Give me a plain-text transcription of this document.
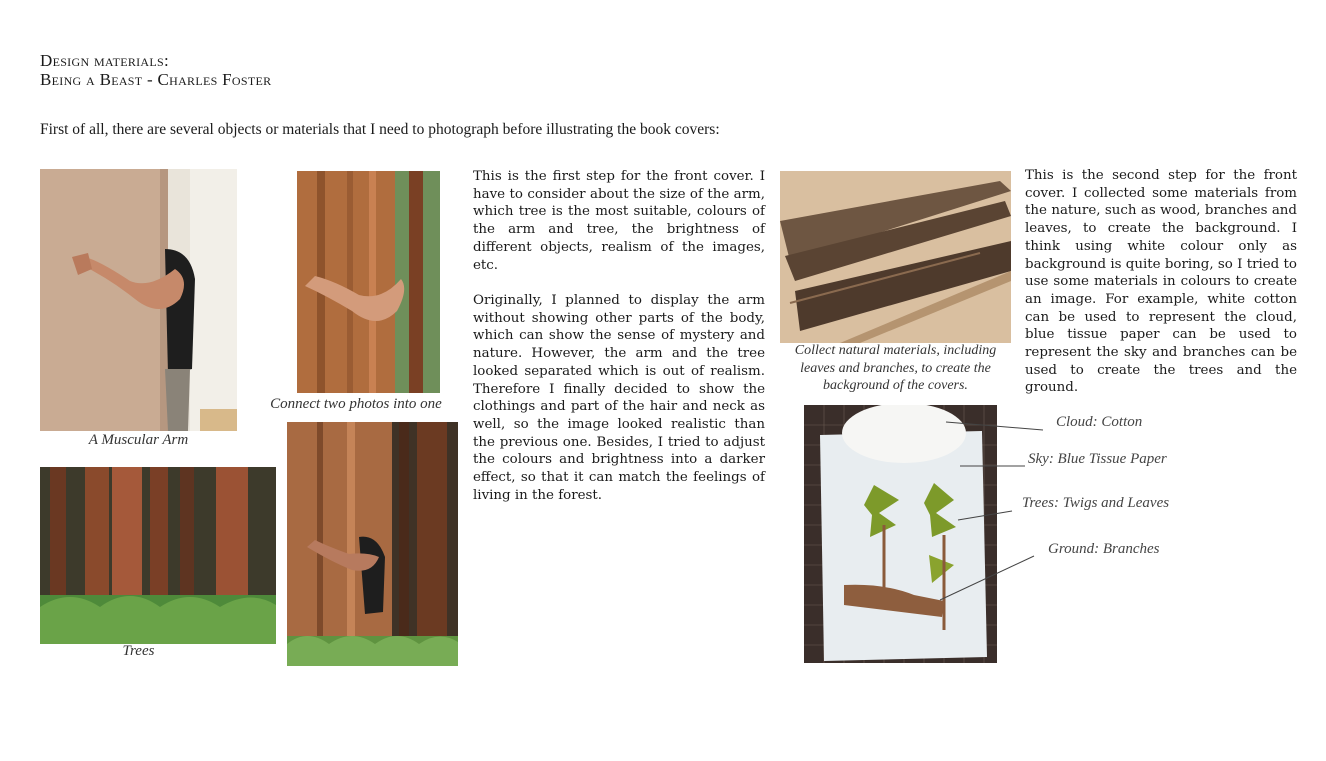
Design materials:
Being a Beast - Charles Foster
First of all, there are several objects or materials that I need to photograph before illustrating the book covers:
A Muscular Arm
Trees
Connect two photos into one
This is the first step for the front cover. I have to consider about the size of the arm, which tree is the most suitable, colours of the arm and tree, the brightness of different objects, realism of the images, etc.
Originally, I planned to display the arm without showing other parts of the body, which can show the sense of mystery and nature. However, the arm and the tree looked separated which is out of realism. Therefore I finally decided to show the clothings and part of the hair and neck as well, so the image looked realistic than the previous one. Besides, I tried to adjust the colours and brightness into a darker effect, so that it can match the feelings of living in the forest.
Collect natural materials, including leaves and branches, to create the background of the covers.
This is the second step for the front cover. I collected some materials from the nature, such as wood, branches and leaves, to create the background. I think using white colour only as background is quite boring, so I tried to use some materials in colours to create an image. For example, white cotton can be used to represent the cloud, blue tissue paper can be used to represent the sky and branches can be used to create the trees and the ground.
Cloud: Cotton
Sky: Blue Tissue Paper
Trees: Twigs and Leaves
Ground: Branches
